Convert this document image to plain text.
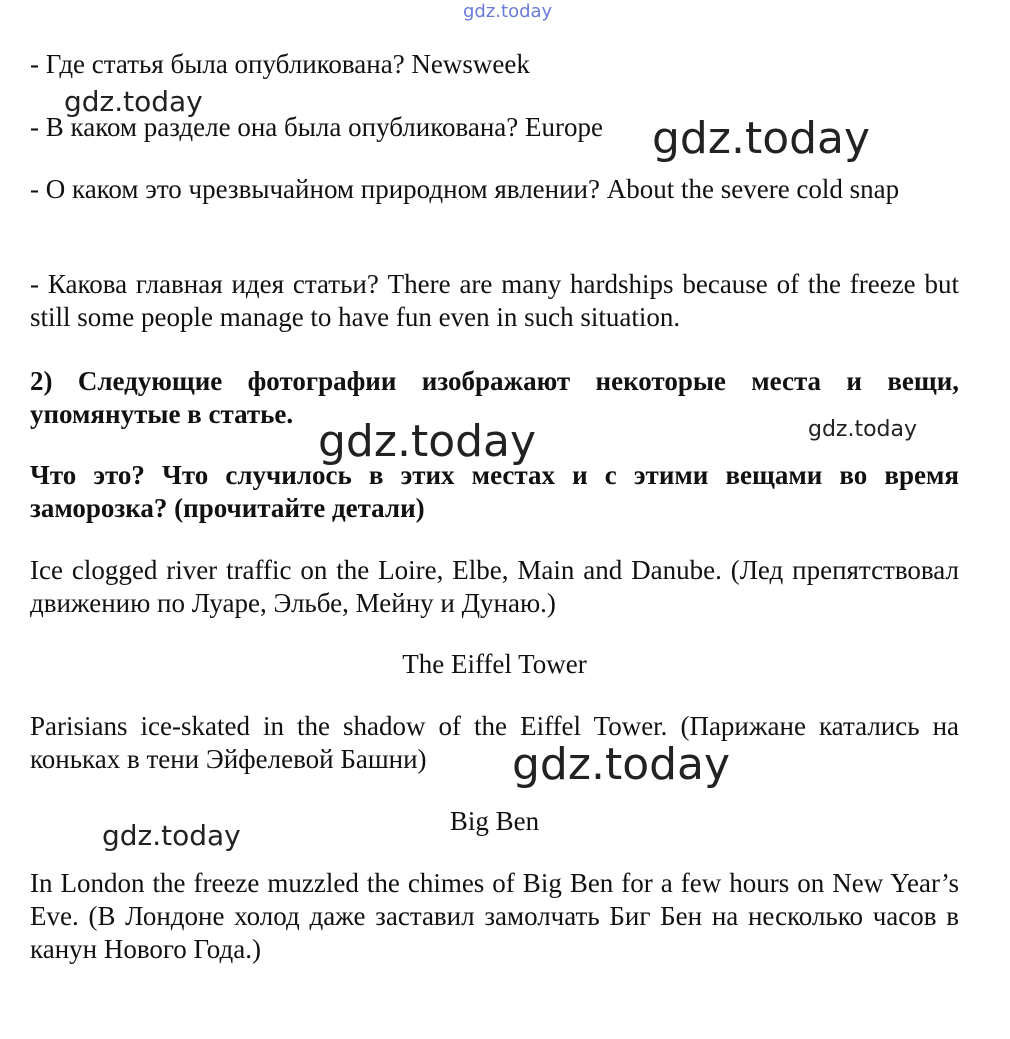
- Где статья была опубликована? Newsweek

- В каком разделе она была опубликована? Europe

- О каком это чрезвычайном природном явлении? About the severe cold snap

- Какова главная идея статьи? There are many hardships because of the freeze but still some people manage to have fun even in such situation.

2) Следующие фотографии изображают некоторые места и вещи, упомянутые в статье.

Что это? Что случилось в этих местах и с этими вещами во время заморозка? (прочитайте детали)

Ice clogged river traffic on the Loire, Elbe, Main and Danube. (Лед препятствовал движению по Луаре, Эльбе, Мейну и Дунаю.)

The Eiffel Tower

Parisians ice-skated in the shadow of the Eiffel Tower. (Парижане катались на коньках в тени Эйфелевой Башни)

Big Ben

In London the freeze muzzled the chimes of Big Ben for a few hours on New Year’s Eve. (В Лондоне холод даже заставил замолчать Биг Бен на несколько часов в канун Нового Года.)

gdz.today
gdz.today
gdz.today
gdz.today	gdz.today
gdz.today
gdz.today
